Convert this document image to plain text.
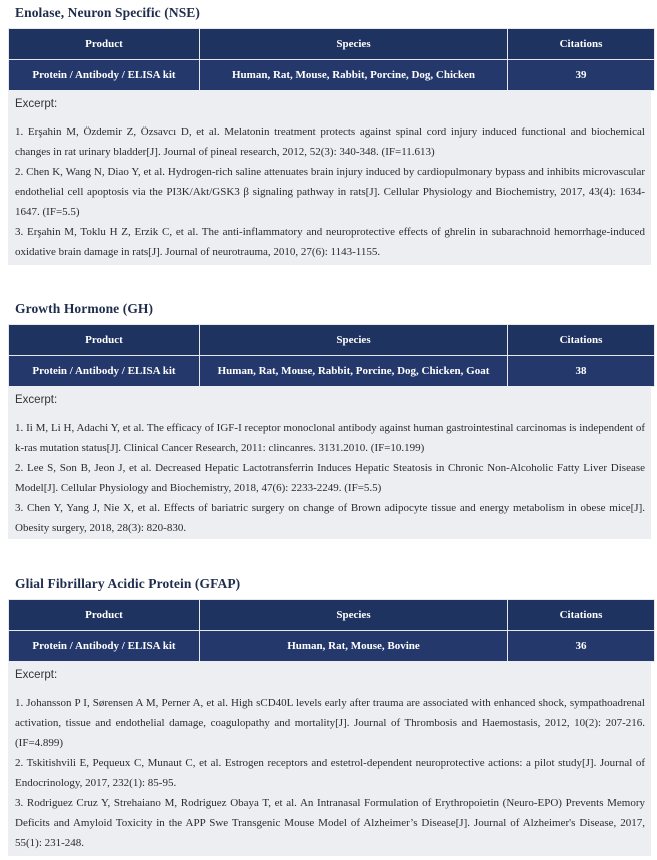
Enolase, Neuron Specific (NSE)
Product	Species	Citations
Protein / Antibody / ELISA kit	Human, Rat, Mouse, Rabbit, Porcine, Dog, Chicken	39
Excerpt:

1. Erşahin M, Özdemir Z, Özsavcı D, et al. Melatonin treatment protects against spinal cord injury induced functional and biochemical changes in rat urinary bladder[J]. Journal of pineal research, 2012, 52(3): 340-348. (IF=11.613)

2. Chen K, Wang N, Diao Y, et al. Hydrogen-rich saline attenuates brain injury induced by cardiopulmonary bypass and inhibits microvascular endothelial cell apoptosis via the PI3K/Akt/GSK3 β signaling pathway in rats[J]. Cellular Physiology and Biochemistry, 2017, 43(4): 1634-1647. (IF=5.5)

3. Erşahin M, Toklu H Z, Erzik C, et al. The anti-inflammatory and neuroprotective effects of ghrelin in subarachnoid hemorrhage-induced oxidative brain damage in rats[J]. Journal of neurotrauma, 2010, 27(6): 1143-1155.

Growth Hormone (GH)
Product	Species	Citations
Protein / Antibody / ELISA kit	Human, Rat, Mouse, Rabbit, Porcine, Dog, Chicken, Goat	38
Excerpt:

1. Ii M, Li H, Adachi Y, et al. The efficacy of IGF-I receptor monoclonal antibody against human gastrointestinal carcinomas is independent of k-ras mutation status[J]. Clinical Cancer Research, 2011: clincanres. 3131.2010. (IF=10.199)

2. Lee S, Son B, Jeon J, et al. Decreased Hepatic Lactotransferrin Induces Hepatic Steatosis in Chronic Non-Alcoholic Fatty Liver Disease Model[J]. Cellular Physiology and Biochemistry, 2018, 47(6): 2233-2249. (IF=5.5)

3. Chen Y, Yang J, Nie X, et al. Effects of bariatric surgery on change of Brown adipocyte tissue and energy metabolism in obese mice[J]. Obesity surgery, 2018, 28(3): 820-830.

Glial Fibrillary Acidic Protein (GFAP)
Product	Species	Citations
Protein / Antibody / ELISA kit	Human, Rat, Mouse, Bovine	36
Excerpt:

1. Johansson P I, Sørensen A M, Perner A, et al. High sCD40L levels early after trauma are associated with enhanced shock, sympathoadrenal activation, tissue and endothelial damage, coagulopathy and mortality[J]. Journal of Thrombosis and Haemostasis, 2012, 10(2): 207-216. (IF=4.899)

2. Tskitishvili E, Pequeux C, Munaut C, et al. Estrogen receptors and estetrol-dependent neuroprotective actions: a pilot study[J]. Journal of Endocrinology, 2017, 232(1): 85-95.

3. Rodriguez Cruz Y, Strehaiano M, Rodriguez Obaya T, et al. An Intranasal Formulation of Erythropoietin (Neuro-EPO) Prevents Memory Deficits and Amyloid Toxicity in the APP Swe Transgenic Mouse Model of Alzheimer’s Disease[J]. Journal of Alzheimer's Disease, 2017, 55(1): 231-248.
